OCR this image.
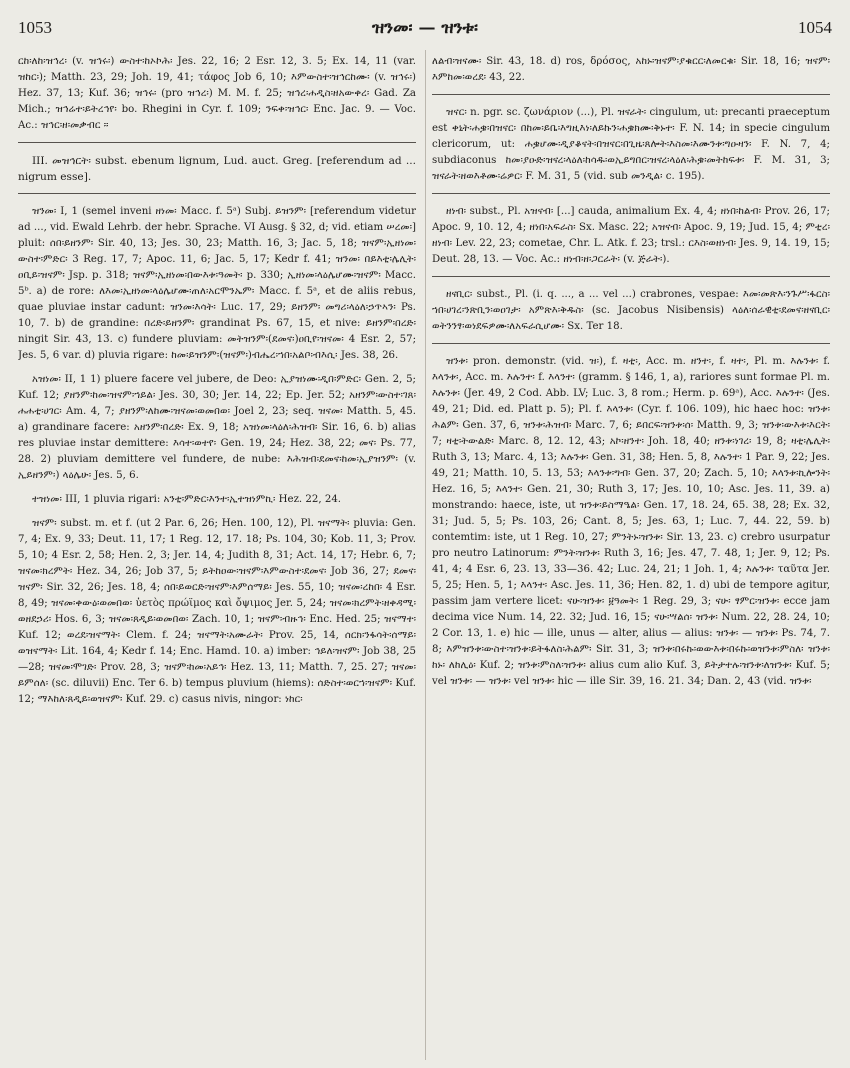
1053	ዝንመ፡ — ዝንቱ፡	1054

ርከ፡ለከ፡ዝኅረ፡ (v. ዝኅሩ፡) ውስተ፡ከኦኮሕ፡ Jes. 22, 16; 2 Esr. 12, 3. 5; Ex. 14, 11 (var. ዝከር፡); Matth. 23, 29; Joh. 19, 41; τάφος Job 6, 10; እምውስተ፡ዝኅርከሙ፡ (v. ዝኅሩ፡) Hez. 37, 13; Kuf. 36; ዝኅሩ፡ (pro ዝኅረ፡) M. M. f. 25; ዝኅረ፡ሐዲስ፡ዘአውቀረ፡ Gad. Za Mich.; ዝኅሬተ፡ይትረኅየ፡ bo. Rhegini in Cyr. f. 109; ንፍቀ፡ዝኅር፡ Enc. Jac. 9. — Voc. Ac.: ዝኅር፡ዘ፡መቃብር ።

III. መዝኅርት፡ subst. ebenum lignum, Lud. auct. Greg. [referendum ad ... nigrum esse].

ዝንመ፡ I, 1 (semel inveni ዘነመ፡ Macc. f. 5ᵃ) Subj. ይዝንም፡ [referendum videtur ad ..., vid. Ewald Lehrb. der hebr. Sprache. VI Ausg. § 32, d; vid. etiam ሠረመ፡] pluit: ሰበ፡ይዘንም፡ Sir. 40, 13; Jes. 30, 23; Matth. 16, 3; Jac. 5, 18; ዝናም፡ኢዘነመ፡ውስተ፡ምድር፡ 3 Reg. 17, 7; Apoc. 11, 6; Jac. 5, 17; Kedr f. 41; ዝንመ፡ በይእቲ፡ሌሊት፡ዐቢይ፡ዝናም፡ Jsp. p. 318; ዝናም፡ኢዘነመ፡በውእቱ፡ዓመት፡ p. 330; ኢዘነመ፡ላዕሌሆሙ፡ዝናም፡ Macc. 5ᵇ. a) de rore: ለእመ፡ኢዘነመ፡ላዕሌሆሙ፡ጠለ፡አርሞንኤም፡ Macc. f. 5ᵃ, et de aliis rebus, quae pluviae instar cadunt: ዝንመ፡እሳት፡ Luc. 17, 29; ይዘንም፡ መግሪ፡ላዕለ፡ኃጥኣን፡ Ps. 10, 7. b) de grandine: በረድ፡ይዘንም፡ grandinat Ps. 67, 15, et nive: ይዘንም፡በረድ፡ ningit Sir. 43, 13. c) fundere pluviam: መትዝንም፡(ደመና፡)ዐቢየ፡ዝናመ፡ 4 Esr. 2, 57; Jes. 5, 6 var. d) pluvia rigare: ከመ፡ይዝንም፡(ዝናም፡)ብሔረ፡ኀበ፡አልቦ፡ብእሲ፡ Jes. 38, 26.

አዝነመ፡ II, 1 1) pluere facere vel jubere, de Deo: ኢያዝነሙ፡ዲበ፡ምድር፡ Gen. 2, 5; Kuf. 12; ያዘንም፡ከመ፡ዝናም፡ኀይል፡ Jes. 30, 30; Jer. 14, 22; Ep. Jer. 52; አዘንም፡ውስተ፡ገጸ፡ሐሐቲ፡ሀገር፡ Am. 4, 7; ያዘንም፡ለከሙ፡ዝናመ፡ወመበወ፡ Joel 2, 23; seq. ዝናመ፡ Matth. 5, 45. a) grandinare facere: አዘንም፡በረድ፡ Ex. 9, 18; አዝነመ፡ላዕለ፡ሕዝብ፡ Sir. 16, 6. b) alias res pluviae instar demittere: እሳተ፡ወተየ፡ Gen. 19, 24; Hez. 38, 22; መና፡ Ps. 77, 28. 2) pluviam demittere vel fundere, de nube: እሕዝብ፡ደመና፡ከመ፡ኢያዝንም፡ (v. ኢይዘንም፡) ላዕሌሁ፡ Jes. 5, 6.

ተዝነመ፡ III, 1 pluvia rigari: አንቲ፡ምድር፡እንተ፡ኢተዝነምኪ፡ Hez. 22, 24.

ዝናም፡ subst. m. et f. (ut 2 Par. 6, 26; Hen. 100, 12), Pl. ዝናማት፡ pluvia: Gen. 7, 4; Ex. 9, 33; Deut. 11, 17; 1 Reg. 12, 17. 18; Ps. 104, 30; Kob. 11, 3; Prov. 5, 10; 4 Esr. 2, 58; Hen. 2, 3; Jer. 14, 4; Judith 8, 31; Act. 14, 17; Hebr. 6, 7; ዝናመ፡ክረምት፡ Hez. 34, 26; Job 37, 5; ይትከዐው፡ዝናም፡እምውስተ፡ደመና፡ Job 36, 27; ደመና፡ዝናም፡ Sir. 32, 26; Jes. 18, 4; ሰበ፡ይወርድ፡ዝናም፡እምሰማይ፡ Jes. 55, 10; ዝናመ፡ረከበ፡ 4 Esr. 8, 49; ዝናመ፡ቀውዕ፡ወመበወ፡ ὑετὸς πρώϊμος καὶ ὄψιμος Jer. 5, 24; ዝናመ፡ክረምት፡ዘቀዳሚ፡ወዘደኃሪ፡ Hos. 6, 3; ዝናመ፡ጸዲይ፡ወመበወ፡ Zach. 10, 1; ዝናም፡ብዙኅ፡ Enc. Hed. 25; ዝናማተ፡ Kuf. 12; ወረደ፡ዝናማት፡ Clem. f. 24; ዝናማት፡አሙራት፡ Prov. 25, 14, ሰርክ፡ንፋሳት፡ሰማይ፡ወዝናማት፡ Lit. 164, 4; Kedr f. 14; Enc. Hamd. 10. a) imber: ኅይለ፡ዝናም፡ Job 38, 25—28; ዝናመ፡ሞገድ፡ Prov. 28, 3; ዝናም፡ከመ፡አይኅ፡ Hez. 13, 11; Matth. 7, 25. 27; ዝናመ፡ይምሰለ፡ (sc. diluvii) Enc. Ter 6. b) tempus pluvium (hiems): ሰድስተ፡ወርኀ፡ዝናም፡ Kuf. 12; ማእከለ፡ጸዲይ፡ወዝናም፡ Kuf. 29. c) casus nivis, ningor: ነከር፡

ለልብ፡ዝናሙ፡ Sir. 43, 18. d) ros, δρόσος, አከኑ፡ዝናም፡ያቁርር፡ለመርቁ፡ Sir. 18, 16; ዝናም፡እምከመ፡ወረደ፡ 43, 22.

ዝናር፡ n. pgr. sc. ζωνάριον (...), Pl. ዝናራት፡ cingulum, ut: precanti praeceptum est ቀኒት፡ሐቌ፡በዝናር፡ በከመ፡ይቤ፡እግዚእነ፡ለይኩን፡ሐቌክሙ፡ቅኑተ፡ F. N. 14; in specie cingulum clericorum, ut: ሐቌሆሙ፡ዲያቆናት፡በዝናር፡በጊዜ፡ጸሎት፡እስመ፡እሙንቱ፡ግዑዛን፡ F. N. 7, 4; subdiaconus ከመ፡ያዑድ፡ዝናረ፡ላዕለ፡ከሳዱ፡ወኢይግበር፡ዝናረ፡ላዕለ፡ሕቌ፡መትከፍቱ፡ F. M. 31, 3; ዝናራት፡ዘወእቶሙ፡ሬዎር፡ F. M. 31, 5 (vid. sub መንዲል፡ c. 195).

ዘነብ፡ subst., Pl. አዝናብ፡ [...] cauda, animalium Ex. 4, 4; ዘነበ፡ከልብ፡ Prov. 26, 17; Apoc. 9, 10. 12, 4; ዘነበ፡አፍራስ፡ Sx. Masc. 22; አዝናብ፡ Apoc. 9, 19; Jud. 15, 4; ምቲረ፡ዘነብ፡ Lev. 22, 23; cometae, Chr. L. Atk. f. 23; trsl.: ርእስ፡ወዘነብ፡ Jes. 9, 14. 19, 15; Deut. 28, 13. — Voc. Ac.: ዘነብ፡ዘ፡ጋርራት፡ (v. ጅራት፡).

ዘናቢር፡ subst., Pl. (i. q. ..., a ... vel ...) crabrones, vespae: እመ፡መጽእ፡ንጉሥ፡ፋርስ፡ኀበ፡ሀገረ፡ንጽቢን፡ወዐገታ፡ አምጽእ፡ቅዱስ፡ (sc. Jacobus Nisibensis) ላዕለ፡ሰራዊቲ፡ደመና፡ዘናቢር፡ወትንንፃ፡ወነደፍዎሙ፡ለአፍራሲሆሙ፡ Sx. Ter 18.

ዝንቱ፡ pron. demonstr. (vid. ዝ፡), f. ዛቲ፡, Acc. m. ዘንተ፡, f. ዛተ፡, Pl. m. እሉንቱ፡ f. እላንቱ፡, Acc. m. እሉንተ፡ f. እላንተ፡ (gramm. § 146, 1, a), rariores sunt formae Pl. m. እሉንቱ፡ (Jer. 49, 2 Cod. Abb. LV; Luc. 3, 8 rom.; Herm. p. 69ᵃ), Acc. እሉንተ፡ (Jes. 49, 21; Did. ed. Platt p. 5); Pl. f. እላንቱ፡ (Cyr. f. 106. 109), hic haec hoc: ዝንቱ፡ሕልም፡ Gen. 37, 6, ዝንቱ፡ሕዝብ፡ Marc. 7, 6; ይበርፍ፡ዝንቱ፡ሰ፡ Matth. 9, 3; ዝንቱ፡ውእቱ፡እርት፡ 7; ዛቲ፡ትውልድ፡ Marc. 8, 12. 12, 43; አኮ፡ዘንተ፡ Joh. 18, 40; ዘንቱ፡ነገረ፡ 19, 8; ዛቲ፡ሌሊት፡ Ruth 3, 13; Marc. 4, 13; እሉንቱ፡ Gen. 31, 38; Hen. 5, 8, እሉንተ፡ 1 Par. 9, 22; Jes. 49, 21; Matth. 10, 5. 13, 53; እላንቱ፡ግብ፡ Gen. 37, 20; Zach. 5, 10; እላንቱ፡ኪሎንት፡ Hez. 16, 5; እላንተ፡ Gen. 21, 30; Ruth 3, 17; Jes. 10, 10; Asc. Jes. 11, 39. a) monstrando: haece, iste, ut ዝንቱ፡ይስማዔል፡ Gen. 17, 18. 24, 65. 38, 28; Ex. 32, 31; Jud. 5, 5; Ps. 103, 26; Cant. 8, 5; Jes. 63, 1; Luc. 7, 44. 22, 59. b) contemtim: iste, ut 1 Reg. 10, 27; ምንትኑ፡ዝንቱ፡ Sir. 13, 23. c) crebro usurpatur pro neutro Latinorum: ምንት፡ዝንቱ፡ Ruth 3, 16; Jes. 47, 7. 48, 1; Jer. 9, 12; Ps. 41, 4; 4 Esr. 6, 23. 13, 33—36. 42; Luc. 24, 21; 1 Joh. 1, 4; እሉንቱ፡ ταῦτα Jer. 5, 25; Hen. 5, 1; እላንተ፡ Asc. Jes. 11, 36; Hen. 82, 1. d) ubi de tempore agitur, passim jam vertere licet: ናሁ፡ዝንቱ፡ ፱ዓመት፡ 1 Reg. 29, 3; ናሁ፡ ፃምር፡ዝንቱ፡ ecce jam decima vice Num. 14, 22. 32; Jud. 16, 15; ናሁ፡ሣልሰ፡ ዝንቱ፡ Num. 22, 28. 24, 10; 2 Cor. 13, 1. e) hic — ille, unus — alter, alius — alius: ዝንቱ፡ — ዝንቱ፡ Ps. 74, 7. 8; እምዝንቱ፡ውስተ፡ዝንቱ፡ይትፋለስ፡ሕልም፡ Sir. 31, 3; ዝንቱ፡በሩኩ፡ወውእቱ፡በሩኩ፡ወዝንቱ፡ምስለ፡ ዝንቱ፡ ከኑ፡ ለከሊዕ፡ Kuf. 2; ዝንቱ፡ምስለ፡ዝንቱ፡ alius cum alio Kuf. 3, ይትታተሉ፡ዝንቱ፡ለዝንቱ፡ Kuf. 5; vel ዝንቱ፡ — ዝንቱ፡ vel ዝንቱ፡ hic — ille Sir. 39, 16. 21. 34; Dan. 2, 43 (vid. ዝንቱ፡
